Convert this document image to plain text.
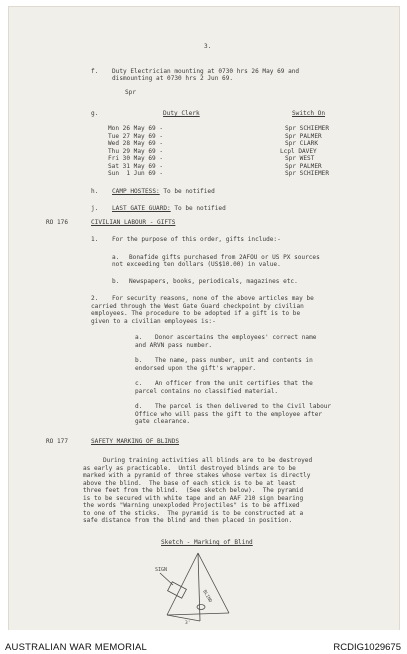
3.
f. Duty Electrician mounting at 0730 hrs 26 May 69 and
dismounting at 0730 hrs 2 Jun 69.
Spr
g.	Duty Clerk	Switch On
Mon 26 May 69 -	Spr SCHIEMER
Tue 27 May 69 -	Spr PALMER
Wed 28 May 69 -	Spr CLARK
Thu 29 May 69 -	Lcpl DAVEY
Fri 30 May 69 -	Spr WEST
Sat 31 May 69 -	Spr PALMER
Sun  1 Jun 69 -	Spr SCHIEMER
h. CAMP HOSTESS: To be notified
j. LAST GATE GUARD: To be notified
RO 176	CIVILIAN LABOUR - GIFTS
1. For the purpose of this order, gifts include:-
a. Bonafide gifts purchased from 2AFOU or US PX sources
not exceeding ten dollars (US$10.00) in value.
b. Newspapers, books, periodicals, magazines etc.
2. For security reasons, none of the above articles may be
carried through the West Gate Guard checkpoint by civilian
employees. The procedure to be adopted if a gift is to be
given to a civilian employees is:-
a. Donor ascertains the employees' correct name
and ARVN pass number.
b. The name, pass number, unit and contents in
endorsed upon the gift's wrapper.
c. An officer from the unit certifies that the
parcel contains no classified material.
d. The parcel is then delivered to the Civil labour
Office who will pass the gift to the employee after
gate clearance.
RO 177	SAFETY MARKING OF BLINDS
During training activities all blinds are to be destroyed
as early as practicable.  Until destroyed blinds are to be
marked with a pyramid of three stakes whose vertex is directly
above the blind.  The base of each stick is to be at least
three feet from the blind.  (See sketch below).  The pyramid
is to be secured with white tape and an AAF 210 sign bearing
the words "Warning unexploded Projectiles" is to be affixed
to one of the sticks.  The pyramid is to be constructed at a
safe distance from the blind and then placed in position.
Sketch - Marking of Blind
SIGN
BLIND
3'
AUSTRALIAN WAR MEMORIAL	RCDIG1029675
